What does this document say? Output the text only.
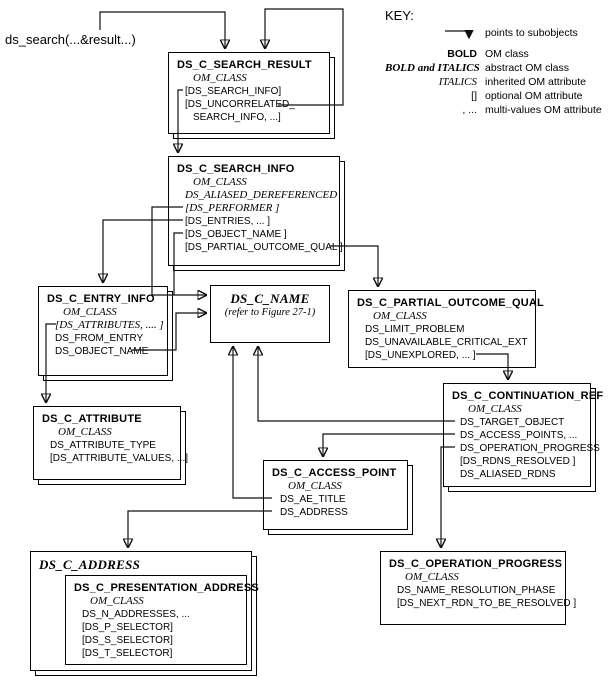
ds_search(...&result...)
KEY:
points to subobjects
BOLD OM class
BOLD and ITALICS abstract OM class
ITALICS inherited OM attribute
[] optional OM attribute
, ... multi-values OM attribute
DS_C_SEARCH_RESULT
OM_CLASS
[DS_SEARCH_INFO]
[DS_UNCORRELATED_
SEARCH_INFO, ...]
DS_C_SEARCH_INFO
OM_CLASS
DS_ALIASED_DEREFERENCED
[DS_PERFORMER ]
[DS_ENTRIES, ... ]
[DS_OBJECT_NAME ]
[DS_PARTIAL_OUTCOME_QUAL ]
DS_C_ENTRY_INFO
OM_CLASS
[DS_ATTRIBUTES, .... ]
DS_FROM_ENTRY
DS_OBJECT_NAME
DS_C_NAME
(refer to Figure 27-1)
DS_C_PARTIAL_OUTCOME_QUAL
OM_CLASS
DS_LIMIT_PROBLEM
DS_UNAVAILABLE_CRITICAL_EXT
[DS_UNEXPLORED, ... ]
DS_C_ATTRIBUTE
OM_CLASS
DS_ATTRIBUTE_TYPE
[DS_ATTRIBUTE_VALUES, ...]
DS_C_CONTINUATION_REF
OM_CLASS
DS_TARGET_OBJECT
DS_ACCESS_POINTS, ...
DS_OPERATION_PROGRESS
[DS_RDNS_RESOLVED ]
DS_ALIASED_RDNS
DS_C_ACCESS_POINT
OM_CLASS
DS_AE_TITLE
DS_ADDRESS
DS_C_ADDRESS
DS_C_PRESENTATION_ADDRESS
OM_CLASS
DS_N_ADDRESSES, ...
[DS_P_SELECTOR]
[DS_S_SELECTOR]
[DS_T_SELECTOR]
DS_C_OPERATION_PROGRESS
OM_CLASS
DS_NAME_RESOLUTION_PHASE
[DS_NEXT_RDN_TO_BE_RESOLVED ]
